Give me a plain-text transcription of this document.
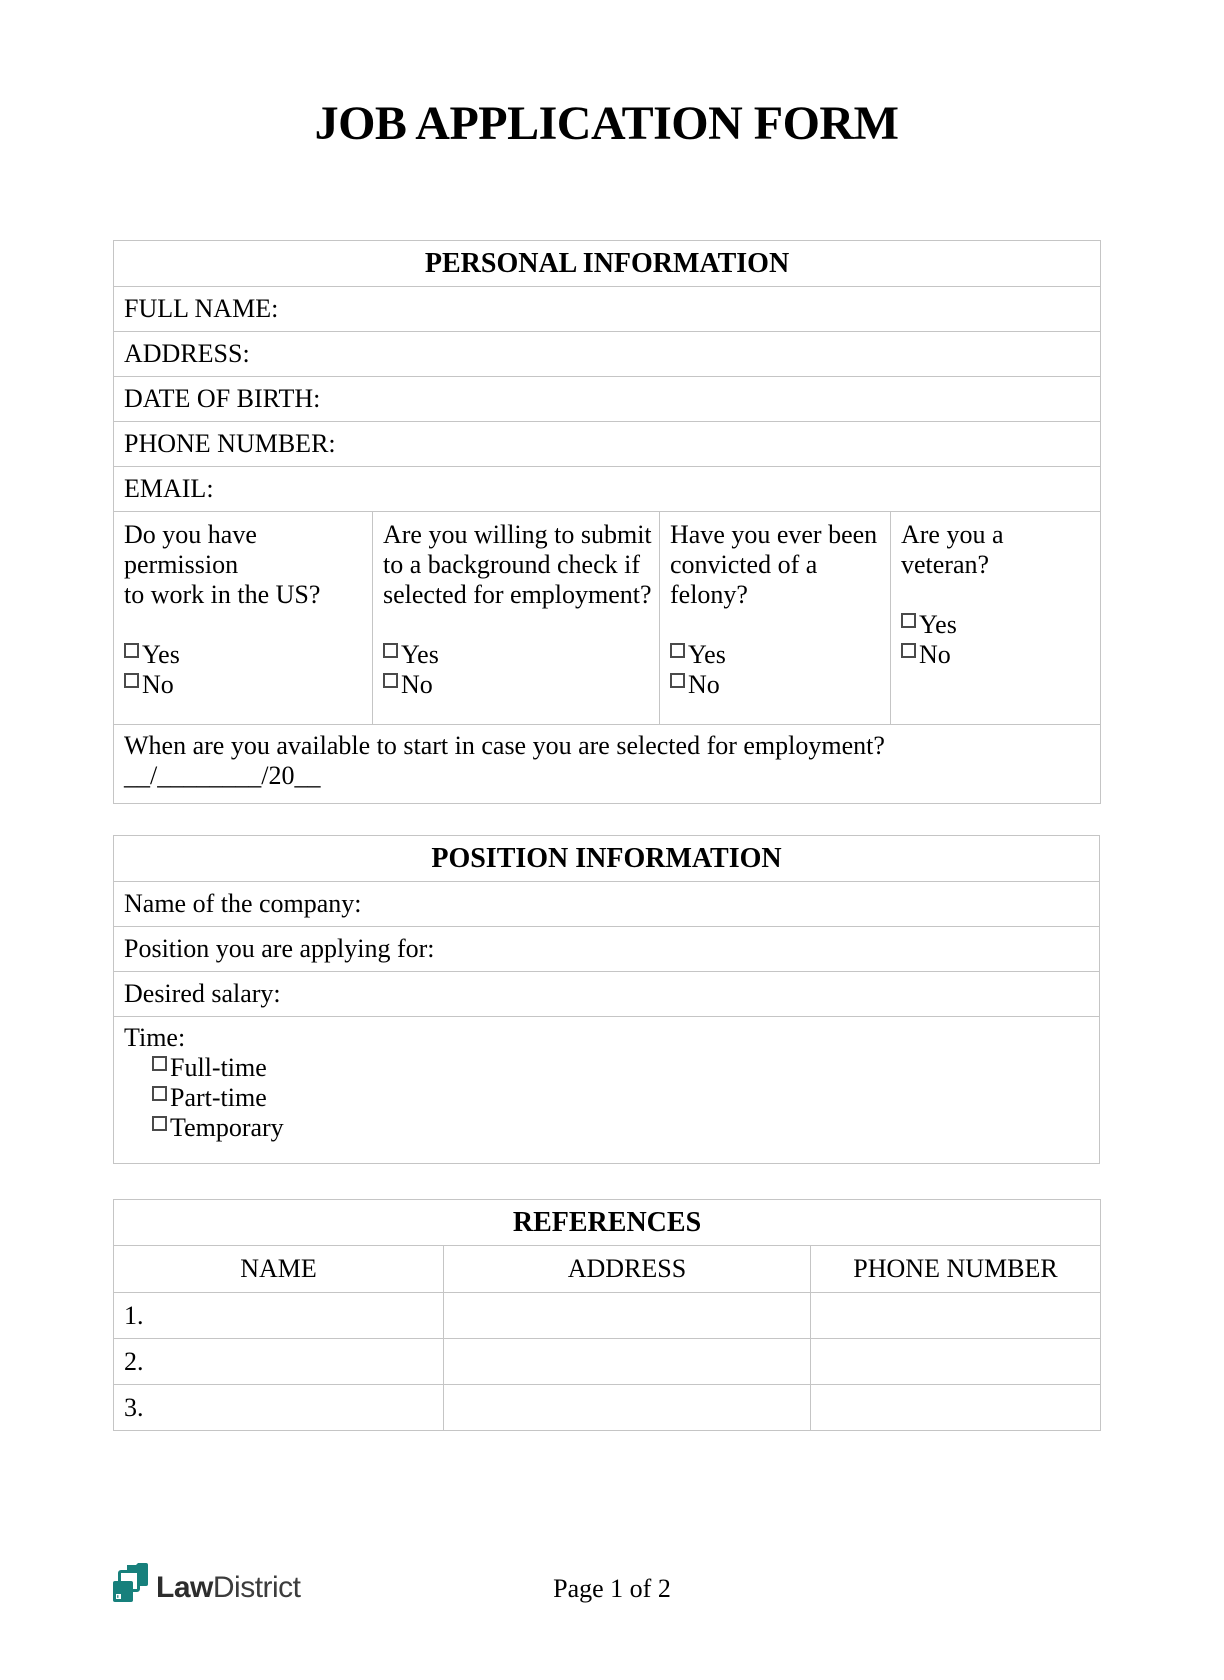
JOB APPLICATION FORM
PERSONAL INFORMATION
FULL NAME:
ADDRESS:
DATE OF BIRTH:
PHONE NUMBER:
EMAIL:

Do you have permission
to work in the US?
Yes
No

Are you willing to submit
to a background check if
selected for employment?
Yes
No

Have you ever been
convicted of a felony?
Yes
No

Are you a veteran?
Yes
No

When are you available to start in case you are selected for employment?
__/________/20__
POSITION INFORMATION
Name of the company:
Position you are applying for:
Desired salary:

Time:
Full-time
Part-time
Temporary
REFERENCES		
NAME	ADDRESS	PHONE NUMBER
1.		
2.		
3.		
LawDistrict	Page 1 of 2
